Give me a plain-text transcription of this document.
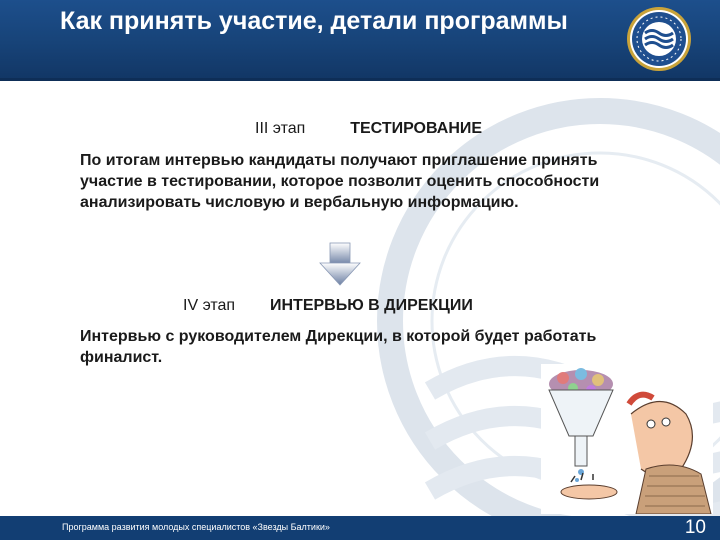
Как принять участие, детали программы
III этап	ТЕСТИРОВАНИЕ
По итогам интервью кандидаты получают приглашение принять участие в тестировании, которое позволит оценить способности анализировать числовую и вербальную информацию.
IV этап ИНТЕРВЬЮ В ДИРЕКЦИИ
Интервью с руководителем Дирекции, в которой будет работать финалист.
Программа развития молодых специалистов «Звезды Балтики»	10
